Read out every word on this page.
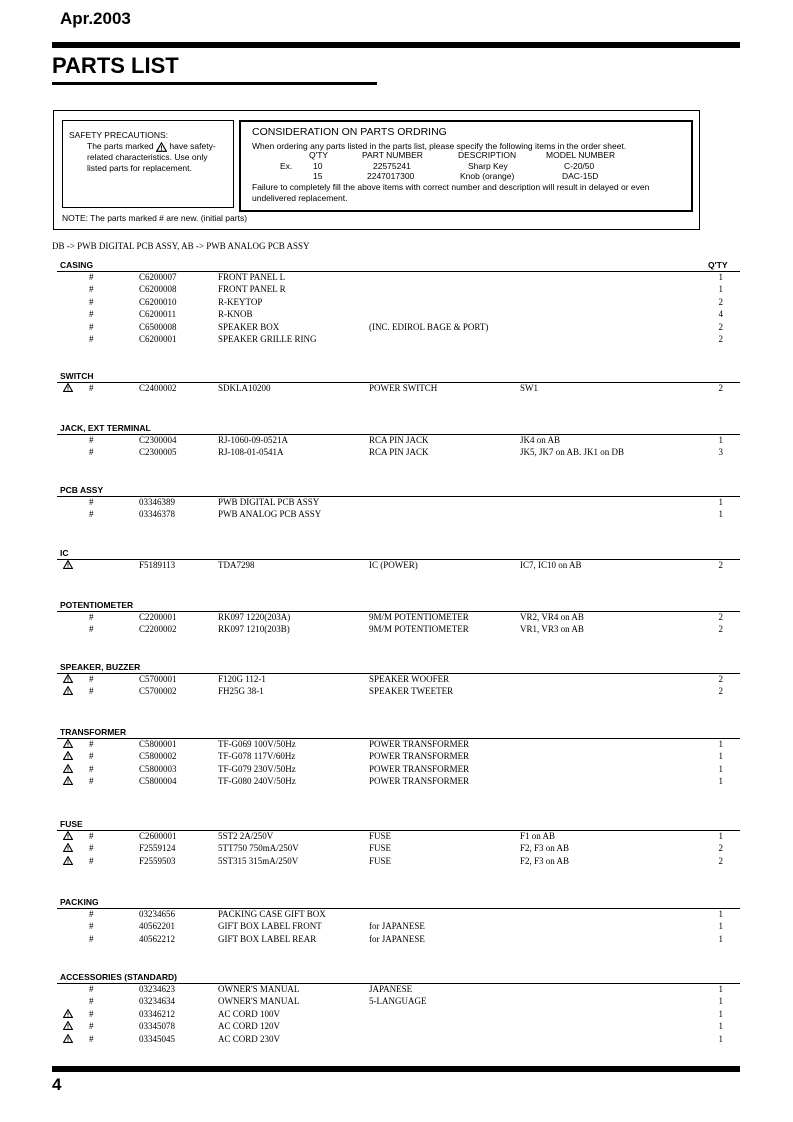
Apr.2003
PARTS LIST
SAFETY PRECAUTIONS:
The parts marked have safety-related characteristics. Use only listed parts for replacement.
CONSIDERATION ON PARTS ORDRING
When ordering any parts listed in the parts list, please specify the following items in the order sheet.
Q'TY	PART NUMBER	DESCRIPTION	MODEL NUMBER
Ex. 10	22575241	Sharp Key	C-20/50
15	2247017300	Knob (orange)	DAC-15D
Failure to completely fill the above items with correct number and description will result in delayed or even undelivered replacement.
NOTE: The parts marked # are new. (initial parts)
DB -> PWB DIGITAL PCB ASSY, AB -> PWB ANALOG PCB ASSY
Q'TY
CASING
#	C6200007	FRONT PANEL L	1
#	C6200008	FRONT PANEL R	1
#	C6200010	R-KEYTOP	2
#	C6200011	R-KNOB	4
#	C6500008	SPEAKER BOX	(INC. EDIROL BAGE & PORT)	2
#	C6200001	SPEAKER GRILLE RING	2
SWITCH
#	C2400002	SDKLA10200	POWER SWITCH	SW1	2
JACK, EXT TERMINAL
#	C2300004	RJ-1060-09-0521A	RCA PIN JACK	JK4 on AB	1
#	C2300005	RJ-108-01-0541A	RCA PIN JACK	JK5, JK7 on AB. JK1 on DB	3
PCB ASSY
#	03346389	PWB DIGITAL PCB ASSY	1
#	03346378	PWB ANALOG PCB ASSY	1
IC
F5189113	TDA7298	IC (POWER)	IC7, IC10 on AB	2
POTENTIOMETER
#	C2200001	RK097 1220(203A)	9M/M POTENTIOMETER	VR2, VR4 on AB	2
#	C2200002	RK097 1210(203B)	9M/M POTENTIOMETER	VR1, VR3 on AB	2
SPEAKER, BUZZER
#	C5700001	F120G 112-1	SPEAKER WOOFER	2
#	C5700002	FH25G 38-1	SPEAKER TWEETER	2
TRANSFORMER
#	C5800001	TF-G069 100V/50Hz	POWER TRANSFORMER	1
#	C5800002	TF-G078 117V/60Hz	POWER TRANSFORMER	1
#	C5800003	TF-G079 230V/50Hz	POWER TRANSFORMER	1
#	C5800004	TF-G080 240V/50Hz	POWER TRANSFORMER	1
FUSE
#	C2600001	5ST2 2A/250V	FUSE	F1 on AB	1
#	F2559124	5TT750 750mA/250V	FUSE	F2, F3 on AB	2
#	F2559503	5ST315 315mA/250V	FUSE	F2, F3 on AB	2
PACKING
#	03234656	PACKING CASE GIFT BOX	1
#	40562201	GIFT BOX LABEL FRONT	for JAPANESE	1
#	40562212	GIFT BOX LABEL REAR	for JAPANESE	1
ACCESSORIES (STANDARD)
#	03234623	OWNER'S MANUAL	JAPANESE	1
#	03234634	OWNER'S MANUAL	5-LANGUAGE	1
#	03346212	AC CORD 100V	1
#	03345078	AC CORD 120V	1
#	03345045	AC CORD 230V	1
4
